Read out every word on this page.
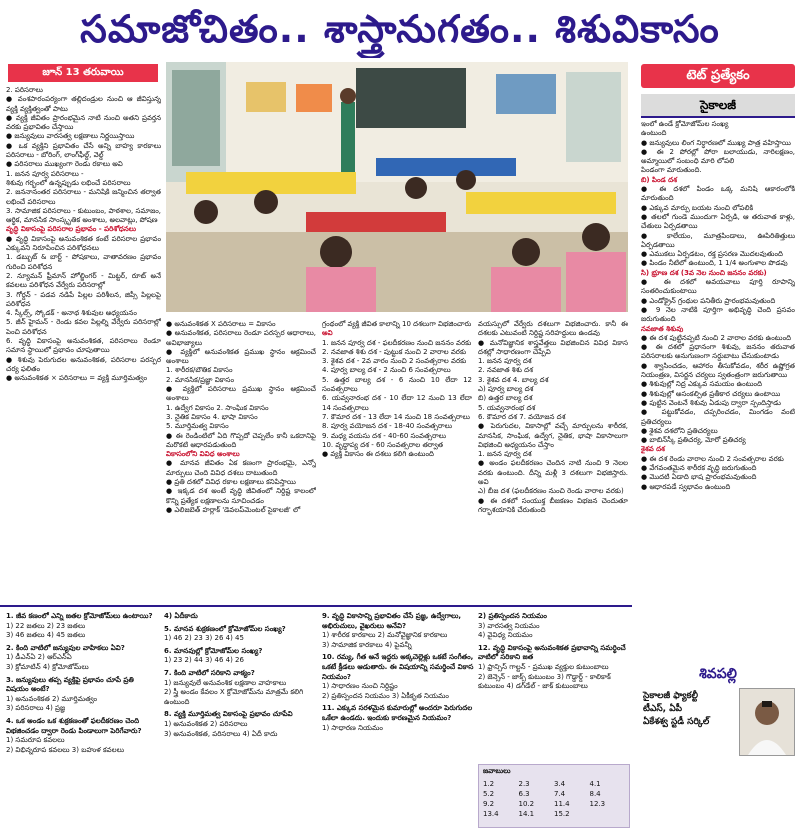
సమాజోచితం.. శాస్త్రానుగతం.. శిశువికాసం
జూన్ 13 తరువాయి

2. పరిసరాలు

● వంశపారంపర్యంగా తల్లిదండ్రుల నుంచి ఆ జీవిస్తున్న వ్యక్తి వ్యక్తిత్వంతో పాటు

● వ్యక్తి జీవితం ప్రారంభమైన నాటి నుంచి అతని ప్రవర్తన వరకు ప్రభావితం చేస్తాయి

● జన్యువులు వారసత్వ లక్షణాలు నిర్ణయిస్తాయి

● ఒక వ్యక్తిని ప్రభావితం చేసే అన్ని బాహ్య కారకాలు పరిసరాలు - బోరింగ్, లాంగ్‌ఫీల్డ్, వెల్డ్

● పరిసరాలు ముఖ్యంగా రెండు రకాలు అవి

1. జనన పూర్వ పరిసరాలు -

శిశువు గర్భంలో ఉన్నప్పుడు లభించే పరిసరాలు

2. జననానంతర పరిసరాలు - మనిషికి జన్మించిన తర్వాత లభించే పరిసరాలు

3. సామాజిక పరిసరాలు - కుటుంబం, పాఠశాల, సమాజం, ఆర్థిక, మానసిక సాంస్కృతిక అంశాలు, అలవాట్లు, పోషణ

వృద్ధి వికాసంపై పరిసరాల ప్రభావం - పరిశోధనలు

● వృద్ధి వికాసంపై అనువంశికత కంటే పరిసరాల ప్రభావం ఎక్కువని నిరూపించిన పరిశోధనలు

1. డబ్బుట్ & బార్ట్ - పోషకాలు, వాతావరణం ప్రభావం గురించి పరిశోధన

2. న్యూమన్ ఫ్రీమాన్ హోల్జింగర్ - మిట్టర్, రూట్ అనే కవలలు పరిశోధన వేర్వేరు పరిసరాల్లో

3. గోర్డన్ - పడవ నడిపే పిల్లల పరిశీలన, జిప్సీ పిల్లలపై పరిశోధన

4. స్కీల్స్, స్కోడక్ - అనాథ శిశువుల అధ్యయనం

5. జీన్ హైమన్ - రెండు కవల పిల్లల్ని వేర్వేరు పరిసరాల్లో పెంచి పరిశోధన

6. వృద్ధి వికాసంపై అనువంశికత, పరిసరాలు రెండూ సమాన స్థాయిలో ప్రభావం చూపుతాయి

● శిశువు పెరుగుదల అనువంశికత, పరిసరాల పరస్పర చర్య ఫలితం

● అనువంశికత × పరిసరాలు = వ్యక్తి మూర్తిమత్వం

● అనువంశికత X పరిసరాలు = వికాసం

● అనువంశికత, పరిసరాలు రెండూ పరస్పర ఆధారాలు, అవిభాజ్యాలు

● వ్యక్తిలో అనువంశికత ప్రముఖ స్థానం ఆక్రమించే అంశాలు

1. శారీరక/బౌతిక వికాసం

2. మానసిక/ప్రజ్ఞా వికాసం

● వ్యక్తిలో పరిసరాలు ప్రముఖ స్థానం ఆక్రమించే అంశాలు

1. ఉద్వేగ వికాసం 2. సాంఘిక వికాసం

3. నైతిక వికాసం 4. భాషా వికాసం

5. మూర్తిమత్వ వికాసం

● ఈ రెండింటిలో ఏది గొప్పదో చెప్పలేం కానీ ఒకదానిపై మరొకటి ఆధారపడుతుంది

వికాసంలోని వివిధ అంశాలు

● మానవ జీవితం ఏక కణంగా ప్రారంభమై, ఎన్నో మార్పులు చెంది వివిధ దశలు దాటుతుంది

● ప్రతి దశలో వివిధ రకాల లక్షణాలు కనిపిస్తాయి

● ఇక్కడ దశ అంటే వృద్ధి జీవితంలో నిర్దిష్ట కాలంలో కొన్ని ప్రత్యేక లక్షణాలను సూచించడం

● ఎలిజబెత్ హర్లాక్ 'డెవలప్‌మెంటల్ సైకాలజీ' లో

గ్రంథంలో వ్యక్తి జీవిత కాలాన్ని 10 దశలుగా విభజించారు

అవి

1. జనన పూర్వ దశ - ఫలదీకరణం నుంచి జననం వరకు

2. నవజాత శిశు దశ - పుట్టుక నుంచి 2 వారాల వరకు

3. శైశవ దశ - 2వ వారం నుంచి 2 సంవత్సరాల వరకు

4. పూర్వ బాల్య దశ - 2 నుంచి 6 సంవత్సరాలు

5. ఉత్తర బాల్య దశ - 6 నుంచి 10 లేదా 12 సంవత్సరాలు

6. యవ్వనారంభ దశ - 10 లేదా 12 నుంచి 13 లేదా 14 సంవత్సరాలు

7. కౌమార దశ - 13 లేదా 14 నుంచి 18 సంవత్సరాలు

8. పూర్వ వయోజన దశ - 18-40 సంవత్సరాలు

9. మధ్య వయసు దశ - 40-60 సంవత్సరాలు

10. వృద్ధాప్య దశ - 60 సంవత్సరాల తర్వాత

● వ్యక్తి వికాసం ఈ దశలు కలిగి ఉంటుంది

వయస్సులో వేర్వేరు దశలుగా విభజించారు. కానీ ఈ దశలకు ఎటువంటి నిర్దిష్ట సరిహద్దులు ఉండవు

● మనోవిజ్ఞానిక శాస్త్రవేత్తలు విభజించిన వివిధ వికాస దశల్లో సాధారణంగా చెప్పేవి

1. జనన పూర్వ దశ

2. నవజాత శిశు దశ

3. శైశవ దశ 4. బాల్య దశ

ఎ) పూర్వ బాల్య దశ

బి) ఉత్తర బాల్య దశ

5. యవ్వనారంభ దశ

6. కౌమార దశ 7. వయోజన దశ

● పెరుగుదల, వికాసాల్లో వచ్చే మార్పులను శారీరక, మానసిక, సాంఘిక, ఉద్వేగ, నైతిక, భాషా వికాసాలుగా విభజించి అధ్యయనం చేస్తాం

1. జనన పూర్వ దశ

● అండం ఫలదీకరణం చెందిన నాటి నుంచి 9 నెలల వరకు ఉంటుంది. దీన్ని మళ్లీ 3 దశలుగా విభజిస్తారు. అవి

ఎ) బీజ దశ (ఫలదీకరణం నుంచి రెండు వారాల వరకు)

● ఈ దశలో సంయుక్త బీజకణం విభజన చెందుతూ గర్భాశయానికి చేరుతుంది

టెట్ ప్రత్యేకం
సైకాలజీ

ఇంలో ఉండే క్రోమోజోమ్‌ల సంఖ్య

ఉంటుంది

● జన్యువులు లింగ నిర్ధారణలో ముఖ్య పాత్ర వహిస్తాయి

● ఈ 2 పోరల్లో పోరా బలాయుడు, నారిలక్షణం, అమ్మాయిలో సంబంధి మారి లోపలి

పిండంగా మారుతుంది.

బి) పిండ దశ

● ఈ దశలో పిండం ఒక్క మనిషి ఆకారంలోకి మారుతుంది

● ఎక్కువ మార్పు బయట నుంచి లోపలికి

● తలలో గుండె ముందుగా ఏర్పడి, ఆ తరువాత కాళ్లు, చేతులు ఏర్పడతాయి

● కాలేయం, మూత్రపిండాలు, ఊపిరితిత్తులు ఏర్పడతాయి

● ఎముకలు ఏర్పడటం, రక్త ప్రసరణ మొదలవుతుంది

● పిండం నీటిలో ఉంటుంది, 1 1/4 అంగుళాల పొడవు

సి) భ్రూణ దశ (3వ నెల నుంచి జననం వరకు)

● ఈ దశలో అవయవాలు పూర్తి రూపాన్ని సంతరించుకుంటాయి

● ఎండోక్రైన్ గ్రంథుల పనితీరు ప్రారంభమవుతుంది

● 9 నెల నాటికి పూర్తిగా అభివృద్ధి చెంది ప్రసవం జరుగుతుంది

నవజాత శిశువు

● ఈ దశ పుట్టినప్పటి నుంచి 2 వారాల వరకు ఉంటుంది

● ఈ దశలో ప్రధానంగా శిశువు, జననం తరువాత పరిసరాలకు అనుగుణంగా సర్దుబాటు చేసుకుంటాడు

● శ్వాసించడం, ఆహారం తీసుకోవడం, శరీర ఉష్ణోగ్రత నియంత్రణ, విసర్జన చర్యలు స్వతంత్రంగా జరుగుతాయి

● శిశువుల్లో నిద్ర ఎక్కువ సమయం ఉంటుంది

● శిశువుల్లో అసంకల్పిత ప్రతీకార చర్యలు ఉంటాయి

● పుట్టిన వెంటనే శిశువు ఏడుపు ద్వారా స్పందిస్తాడు

● పట్టుకోవడం, చప్పరించడం, మింగడం వంటి ప్రతిచర్యలు

● శైశవ దశలోని ప్రతిచర్యలు

● బాబిన్‌స్కీ ప్రతిచర్య, మోరో ప్రతిచర్య

శైశవ దశ

● ఈ దశ రెండు వారాల నుంచి 2 సంవత్సరాల వరకు

● వేగవంతమైన శారీరక వృద్ధి జరుగుతుంది

● మొదటి ఏడాది భాష ప్రారంభమవుతుంది

● ఆధారపడే స్వభావం ఉంటుంది

1. జీవ కణంలో ఎన్ని జతల క్రోమోజోమ్‌లు ఉంటాయి?
1) 22 జతలు 2) 23 జతలు
3) 46 జతలు 4) 45 జతలు
2. కింది వాటిలో జన్యువుల వాహికలు ఏవి?
1) డీఎన్ఏ 2) ఆర్ఎన్ఏ
3) క్రోమాటిన్ 4) క్రోమోజోమ్‌లు
3. జన్యువులు తప్ప వ్యక్తిపై ప్రభావం చూపే ప్రతి విషయం అంటే?
1) అనువంశికత 2) మూర్తిమత్వం
3) పరిసరాలు 4) ప్రజ్ఞ
4. ఒక అండం ఒక శుక్రకణంతో ఫలదీకరణం చెంది విభజించడం ద్వారా రెండు పిండాలుగా పెరిగేవారు?
1) సమరూప కవలలు
2) విభిన్నరూప కవలలు 3) బహుళ కవలలు
4) ఏదీకాదు
5. మానవ శుక్రకణంలో క్రోమోజోమ్‌ల సంఖ్య?
1) 46 2) 23 3) 26 4) 45
6. మానవుల్లో క్రోమోజోమ్‌ల సంఖ్య?
1) 23 2) 44 3) 46 4) 26
7. కింది వాటిలో సరికాని వాక్యం?
1) జన్యువులే అనువంశిక లక్షణాల వాహకాలు
2) స్త్రీ అండం కేవలం X క్రోమోజోమ్‌ను మాత్రమే కలిగి ఉంటుంది
8. వ్యక్తి మూర్తిమత్వ వికాసంపై ప్రభావం చూపేవి
1) అనువంశికత 2) పరిసరాలు
3) అనువంశికత, పరిసరాలు 4) ఏదీ కాదు
9. వృద్ధి వికాసాన్ని ప్రభావితం చేసే ప్రజ్ఞ, ఉద్వేగాలు, అభిరుచులు, వైఖరులు అనేవి?
1) శారీరక కారకాలు 2) మనోవైజ్ఞానిక కారకాలు
3) సామాజిక కారకాలు 4) పైవన్నీ
10. రమ్య, గీత అనే ఇద్దరు అక్కచెల్లెళ్లు ఒకటే సంగీతం, ఒకటే క్రీడలు ఆడుతారు. ఈ విషయాన్ని సమర్థించే వికాస నియమం?
1) సాధారణం నుంచి నిర్దిష్టం
2) ప్రతిస్పందన నియమం 3) ఏకీకృత నియమం
11. ఎక్కువ సరళమైన కుమారుల్లో అందరూ పెరుగుదల ఒకేలా ఉండదు. ఇందుకు కారణమైన నియమం?
1) సాధారణ నియమం
2) ప్రతిస్పందన నియమం
3) వారసత్వ నియమం
4) వైవిధ్య నియమం
12. వృద్ధి వికాసంపై అనువంశికత ప్రభావాన్ని సమర్థించే వాటిలో సరికాని జత
1) ఫ్రాన్సిస్ గాల్టన్ - ప్రముఖ వ్యక్తుల కుటుంబాలు
2) జెన్సెన్ - జాక్స్ కుటుంబం 3) గొడ్డార్డ్ - కాలికాక్ కుటుంబం 4) డగ్‌డేల్ - జాక్ కుటుంబాలు
జవాబులు
1.2	2.3	3.4	4.1
5.2	6.3	7.4	8.4
9.2	10.2	11.4	12.3
13.4	14.1	15.2
శివపల్లి
సైకాలజీ ఫ్యాకల్టీ
టీఎస్, ఏపీ
ఏకేశశ్వ స్టడీ సర్కిల్
